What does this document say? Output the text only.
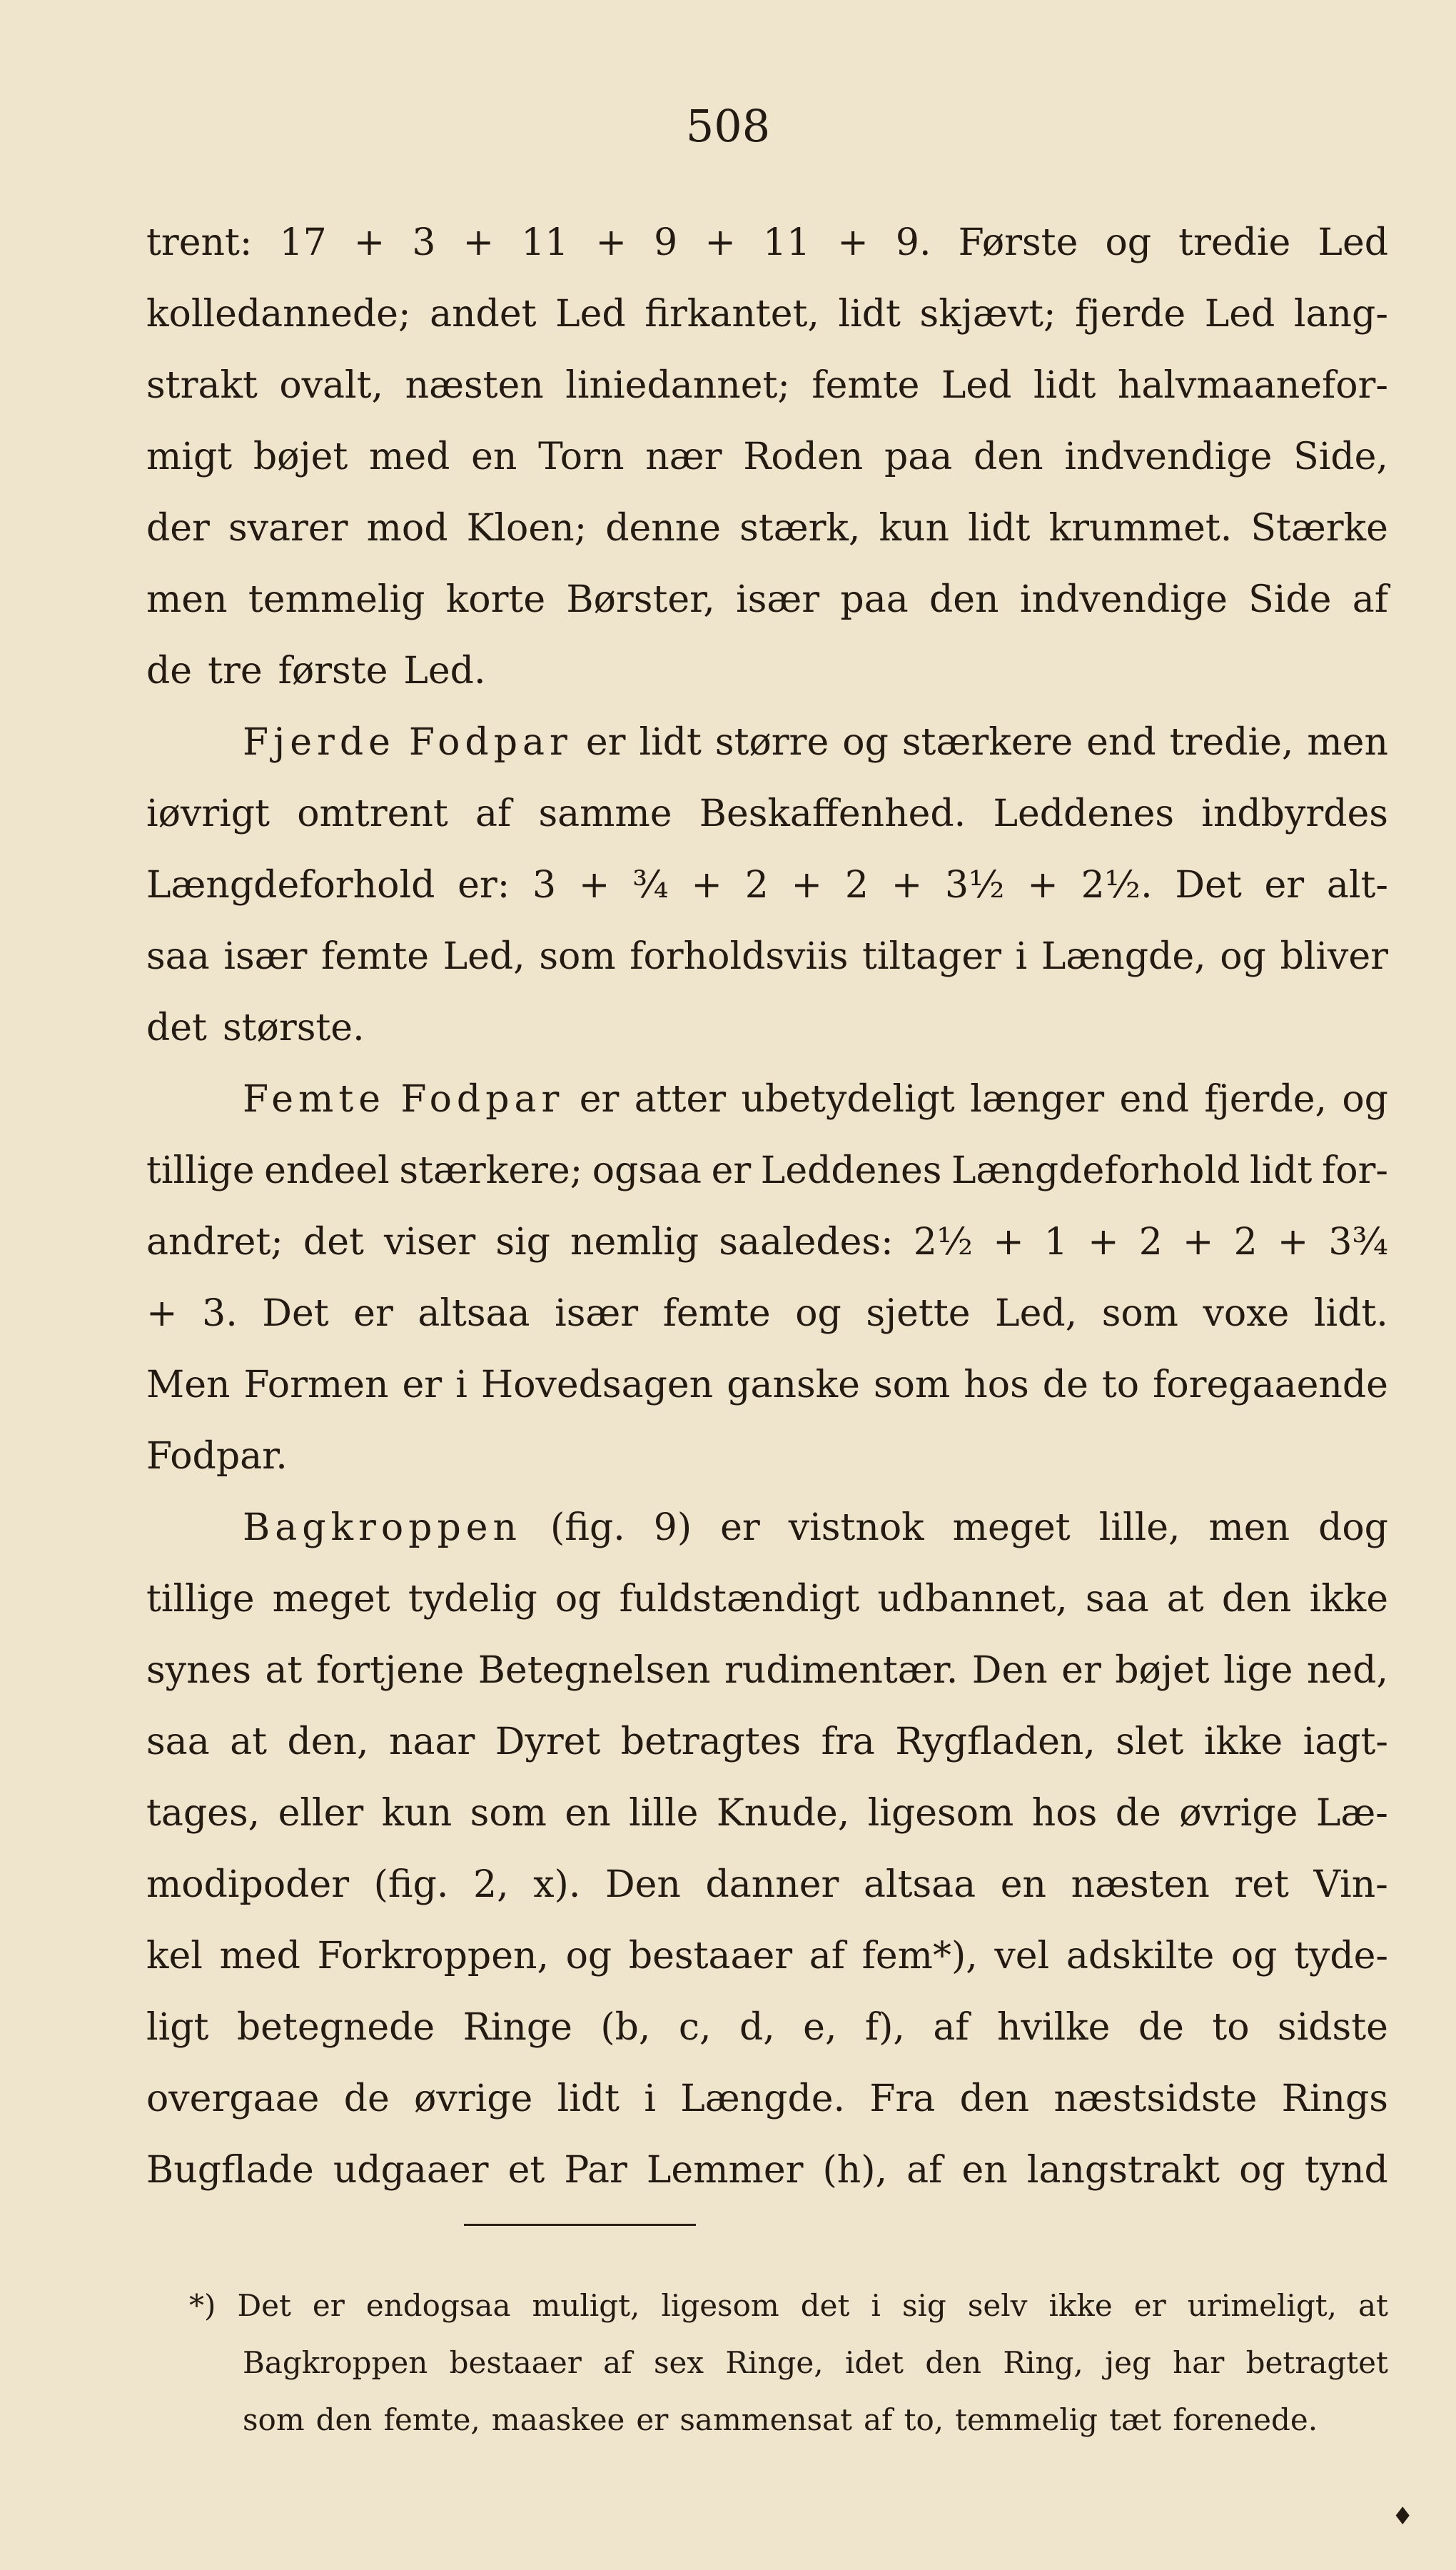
508
trent: 17 + 3 + 11 + 9 + 11 + 9. Første og tredie Led
kolledannede; andet Led firkantet, lidt skjævt; fjerde Led lang-
strakt ovalt, næsten liniedannet; femte Led lidt halvmaanefor-
migt bøjet med en Torn nær Roden paa den indvendige Side,
der svarer mod Kloen; denne stærk, kun lidt krummet. Stærke
men temmelig korte Børster, især paa den indvendige Side af
de tre første Led.
Fjerde Fodpar er lidt større og stærkere end tredie, men
iøvrigt omtrent af samme Beskaffenhed. Leddenes indbyrdes
Længdeforhold er: 3 + ¾ + 2 + 2 + 3½ + 2½. Det er alt-
saa især femte Led, som forholdsviis tiltager i Længde, og bliver
det største.
Femte Fodpar er atter ubetydeligt længer end fjerde, og
tillige endeel stærkere; ogsaa er Leddenes Længdeforhold lidt for-
andret; det viser sig nemlig saaledes: 2½ + 1 + 2 + 2 + 3¾
+ 3. Det er altsaa især femte og sjette Led, som voxe lidt.
Men Formen er i Hovedsagen ganske som hos de to foregaaende
Fodpar.
Bagkroppen (fig. 9) er vistnok meget lille, men dog
tillige meget tydelig og fuldstændigt udbannet, saa at den ikke
synes at fortjene Betegnelsen rudimentær. Den er bøjet lige ned,
saa at den, naar Dyret betragtes fra Rygfladen, slet ikke iagt-
tages, eller kun som en lille Knude, ligesom hos de øvrige Læ-
modipoder (fig. 2, x). Den danner altsaa en næsten ret Vin-
kel med Forkroppen, og bestaaer af fem*), vel adskilte og tyde-
ligt betegnede Ringe (b, c, d, e, f), af hvilke de to sidste
overgaae de øvrige lidt i Længde. Fra den næstsidste Rings
Bugflade udgaaer et Par Lemmer (h), af en langstrakt og tynd
*) Det er endogsaa muligt, ligesom det i sig selv ikke er urimeligt, at
Bagkroppen bestaaer af sex Ringe, idet den Ring, jeg har betragtet
som den femte, maaskee er sammensat af to, temmelig tæt forenede.
♦
